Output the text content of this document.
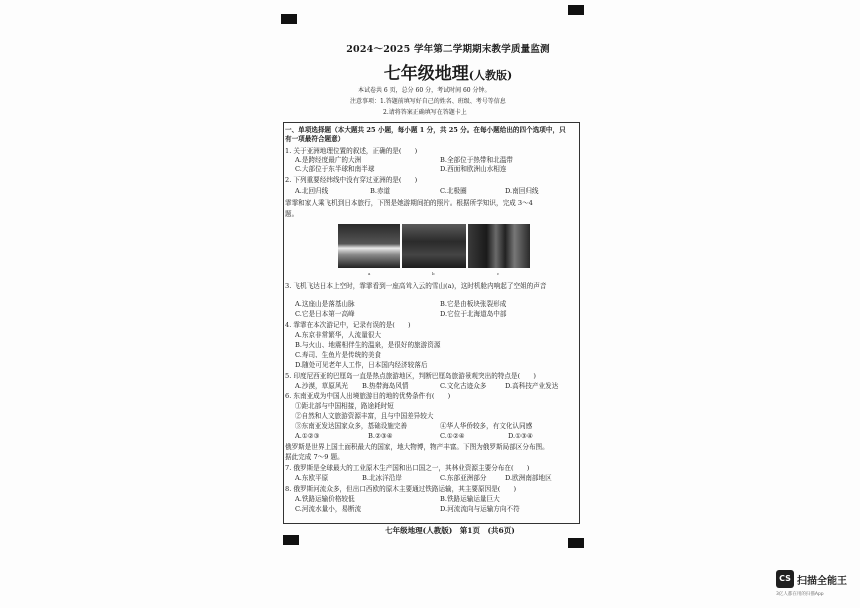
2024～2025 学年第二学期期末教学质量监测
七年级地理(人教版)
本试卷共 6 页，总分 60 分，考试时间 60 分钟。
注意事项：1.答题前填写好自己的姓名、班级、考号等信息
2.请将答案正确填写在答题卡上
一、单项选择题（本大题共 25 小题，每小题 1 分，共 25 分。在每小题给出的四个选项中，只
有一项最符合题意）
1. 关于亚洲地理位置的叙述，正确的是(　　)
A.是跨经度最广的大洲	B.全部位于热带和北温带
C.大部位于东半球和南半球	D.西面和欧洲山水相连
2. 下列重要经纬线中没有穿过亚洲的是(　　)
A.北回归线	B.赤道	C.北极圈	D.南回归线
霏霏和家人乘飞机到日本旅行，下图是她游期间拍的照片。根据所学知识，完成 3～4
题。
a	b	c
3. 飞机飞达日本上空时，霏霏看到一座高耸入云的雪山(a)，这时机舱内响起了空姐的声音
A.这座山是落基山脉	B.它是由板块张裂形成
C.它是日本第一高峰	D.它位于北海道岛中部
4. 霏霏在本次游记中，记录有误的是(　　)
A.东京非常繁华，人流量很大
B.与火山、地震相伴生的温泉，是很好的旅游资源
C.寿司、生鱼片是传统的美食
D.随处可见老年人工作，日本国内经济较落后
5. 印度尼西亚的巴厘岛一直是热点旅游地区，判断巴厘岛旅游景观突出的特点是(　　)
A.沙漠，草原风光 B.热带海岛风情	C.文化古迹众多	D.高科技产业发达
6. 东南亚成为中国人出境旅游目的地的优势条件有(　　)
①距北部与中国相接，路途耗时短
②自然和人文旅游资源丰富，且与中国差异较大
③东南亚发达国家众多，基础设施完善	④华人华侨较多，有文化认同感
A.①②③	B.②③④	C.①②④	D.①③④
俄罗斯是世界上国土面积最大的国家，地大物博，物产丰富。下图为俄罗斯局部区分布图。
据此完成 7～9 题。
7. 俄罗斯是全球最大的工业原木生产国和出口国之一，其林业资源主要分布在(　　)
A.东欧平原	B.北冰洋沿岸	C.东部亚洲部分	D.欧洲南部地区
8. 俄罗斯河流众多，但出口西欧的原木主要通过铁路运输，其主要原因是(　　)
A.铁路运输价格较低	B.铁路运输运量巨大
C.河流水量小，易断流	D.河流流向与运输方向不符
七年级地理(人教版)　第1页　(共6页)
CS 扫描全能王
3亿人都在用的扫描App
